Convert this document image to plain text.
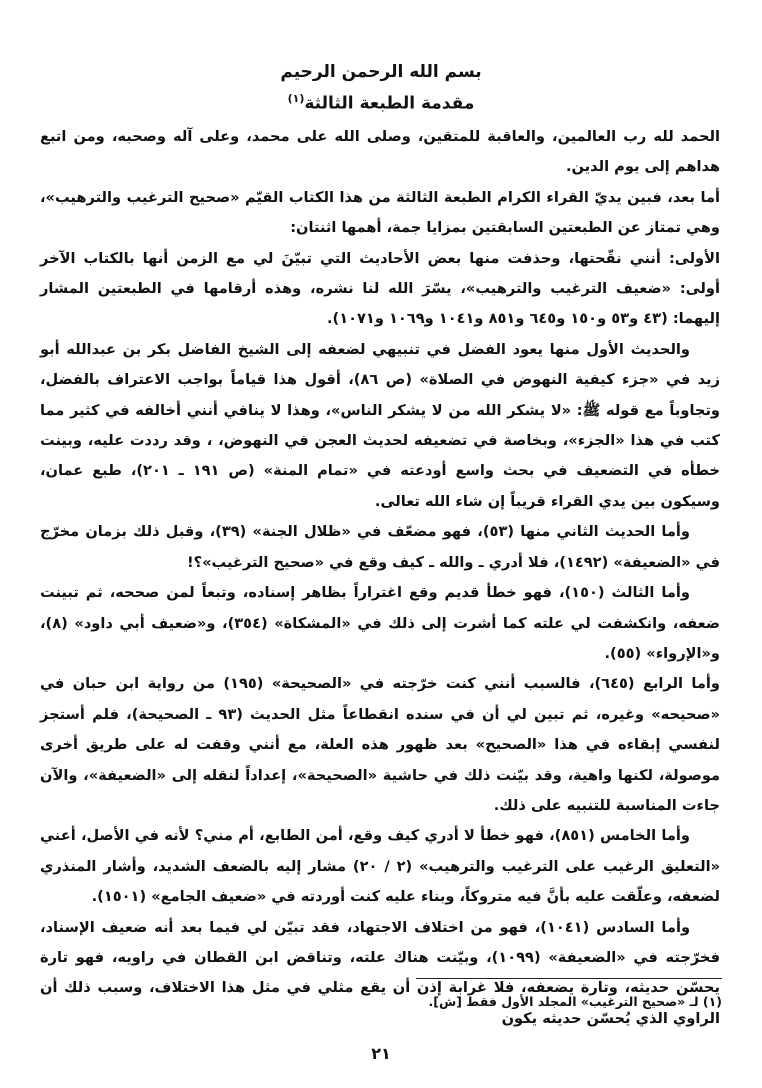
بسم الله الرحمن الرحيم
مقدمة الطبعة الثالثة$^{(١)}$

الحمد لله رب العالمين، والعاقبة للمتقين، وصلى الله على محمد، وعلى آله وصحبه، ومن اتبع هداهم إلى يوم الدين.

أما بعد، فبين يديّ القراء الكرام الطبعة الثالثة من هذا الكتاب القيّم «صحيح الترغيب والترهيب»، وهي تمتاز عن الطبعتين السابقتين بمزايا جمة، أهمها اثنتان:

الأولى: أنني نقّحتها، وحذفت منها بعض الأحاديث التي تبيّنَ لي مع الزمن أنها بالكتاب الآخر أولى: «ضعيف الترغيب والترهيب»، يسّرَ الله لنا نشره، وهذه أرقامها في الطبعتين المشار إليهما: (٤٣ و٥٣ و١٥٠ و٦٤٥ و٨٥١ و١٠٤١ و١٠٦٩ و١٠٧١).

والحديث الأول منها يعود الفضل في تنبيهي لضعفه إلى الشيخ الفاضل بكر بن عبدالله أبو زيد في «جزء كيفية النهوض في الصلاة» (ص ٨٦)، أقول هذا قياماً بواجب الاعتراف بالفضل، وتجاوباً مع قوله ﷺ: «لا يشكر الله من لا يشكر الناس»، وهذا لا ينافي أنني أخالفه في كثير مما كتب في هذا «الجزء»، وبخاصة في تضعيفه لحديث العجن في النهوض، ، وقد رددت عليه، وبينت خطأه في التضعيف في بحث واسع أودعته في «تمام المنة» (ص ١٩١ ـ ٢٠١)، طبع عمان، وسيكون بين يدي القراء قريباً إن شاء الله تعالى.

وأما الحديث الثاني منها (٥٣)، فهو مضعّف في «ظلال الجنة» (٣٩)، وقبل ذلك بزمان مخرّج في «الضعيفة» (١٤٩٢)، فلا أدري ـ والله ـ كيف وقع في «صحيح الترغيب»؟!

وأما الثالث (١٥٠)، فهو خطأ قديم وقع اغتراراً بظاهر إسناده، وتبعاً لمن صححه، ثم تبينت ضعفه، وانكشفت لي علته كما أشرت إلى ذلك في «المشكاة» (٣٥٤)، و«ضعيف أبي داود» (٨)، و«الإرواء» (٥٥).

وأما الرابع (٦٤٥)، فالسبب أنني كنت خرّجته في «الصحيحة» (١٩٥) من رواية ابن حبان في «صحيحه» وغيره، ثم تبين لي أن في سنده انقطاعاً مثل الحديث (٩٣ ـ الصحيحة)، فلم أستجز لنفسي إبقاءه في هذا «الصحيح» بعد ظهور هذه العلة، مع أنني وقفت له على طريق أخرى موصولة، لكنها واهية، وقد بيّنت ذلك في حاشية «الصحيحة»، إعداداً لنقله إلى «الضعيفة»، والآن جاءت المناسبة للتنبيه على ذلك.

وأما الخامس (٨٥١)، فهو خطأ لا أدري كيف وقع، أمن الطابع، أم مني؟ لأنه في الأصل، أعني «التعليق الرغيب على الترغيب والترهيب» (٢ / ٢٠) مشار إليه بالضعف الشديد، وأشار المنذري لضعفه، وعلّقت عليه بأنَّ فيه متروكاً، وبناء عليه كنت أوردته في «ضعيف الجامع» (١٥٠١).

وأما السادس (١٠٤١)، فهو من اختلاف الاجتهاد، فقد تبيّن لي فيما بعد أنه ضعيف الإسناد، فخرّجته في «الضعيفة» (١٠٩٩)، وبيّنت هناك علته، وتناقض ابن القطان في راويه، فهو تارة يحسّن حديثه، وتارة يضعفه، فلا غرابة إذن أن يقع مثلي في مثل هذا الاختلاف، وسبب ذلك أن الراوي الذي يُحسّن حديثه يكون

(١) لـ «صحيح الترغيب» المجلد الأول فقط [ش].
٢١
